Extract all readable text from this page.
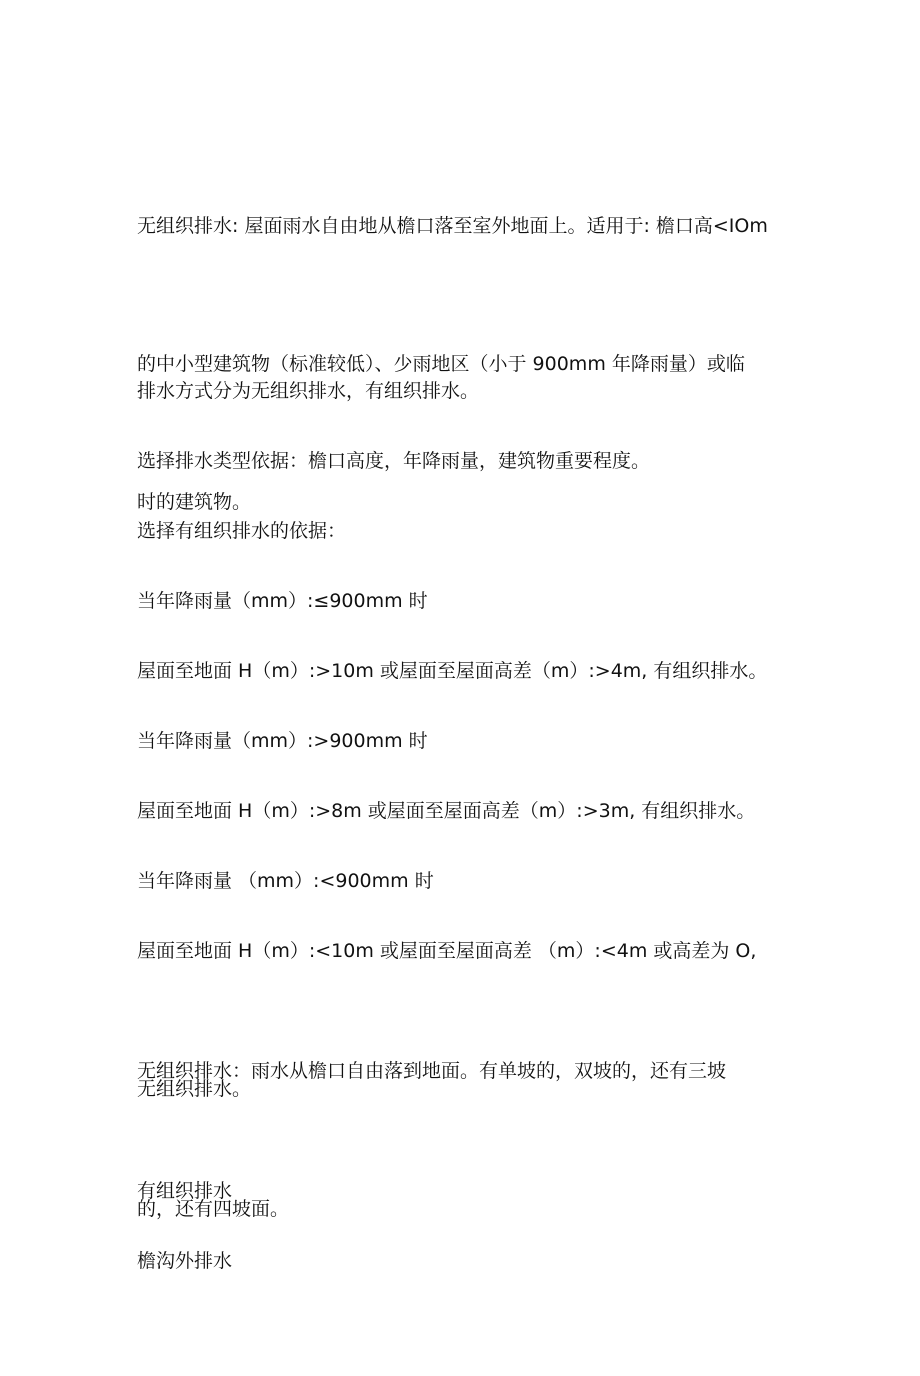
无组织排水: 屋面雨水自由地从檐口落至室外地面上。适用于: 檐口高<IOm

的中小型建筑物（标准较低）、少雨地区（小于 900mm 年降雨量）或临

时的建筑物。

排水方式分为无组织排水，有组织排水。

选择排水类型依据：檐口高度，年降雨量，建筑物重要程度。

选择有组织排水的依据：

当年降雨量（mm）:≤900mm 时

屋面至地面 H（m）:>10m 或屋面至屋面高差（m）:>4m, 有组织排水。

当年降雨量（mm）:>900mm 时

屋面至地面 H（m）:>8m 或屋面至屋面高差（m）:>3m, 有组织排水。

当年降雨量 （mm）:<900mm 时

屋面至地面 H（m）:<10m 或屋面至屋面高差 （m）:<4m 或高差为 O,

无组织排水。

无组织排水：雨水从檐口自由落到地面。有单坡的，双坡的，还有三坡

的，还有四坡面。

有组织排水

檐沟外排水
